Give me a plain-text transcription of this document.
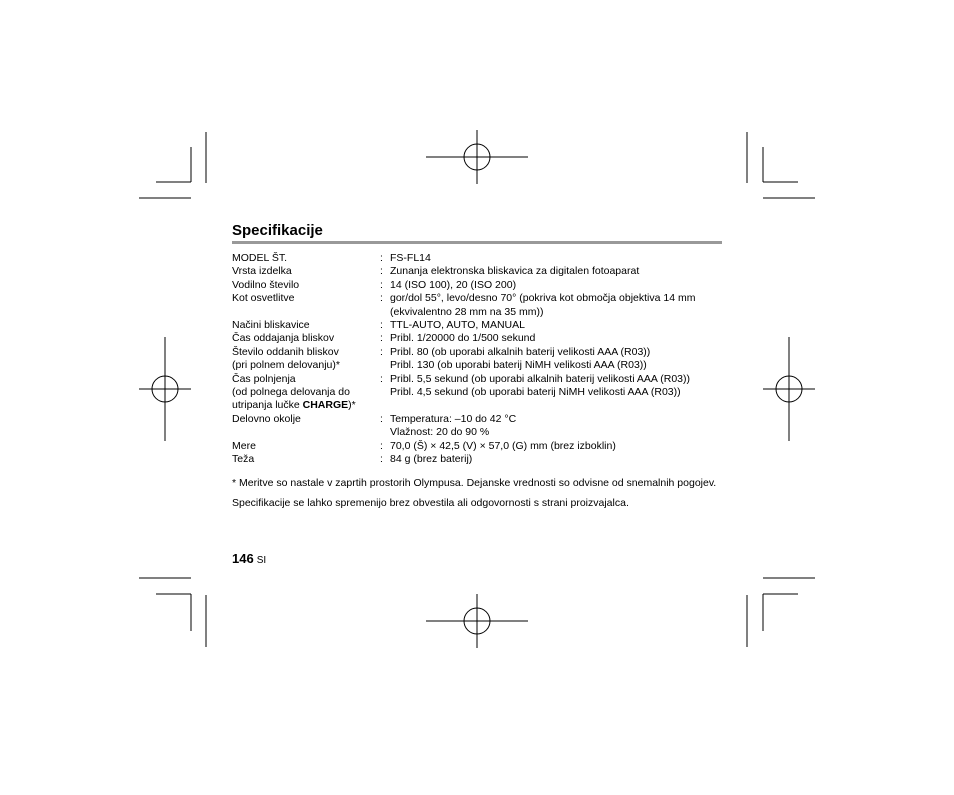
Specifikacije
MODEL ŠT.	: FS-FL14
Vrsta izdelka	: Zunanja elektronska bliskavica za digitalen fotoaparat
Vodilno število	: 14 (ISO 100), 20 (ISO 200)
Kot osvetlitve	: gor/dol 55°, levo/desno 70° (pokriva kot območja objektiva 14 mm
(ekvivalentno 28 mm na 35 mm))
Načini bliskavice	: TTL-AUTO, AUTO, MANUAL
Čas oddajanja bliskov	: Pribl. 1/20000 do 1/500 sekund
Število oddanih bliskov	: Pribl. 80 (ob uporabi alkalnih baterij velikosti AAA (R03))
(pri polnem delovanju)*	Pribl. 130 (ob uporabi baterij NiMH velikosti AAA (R03))
Čas polnjenja	: Pribl. 5,5 sekund (ob uporabi alkalnih baterij velikosti AAA (R03))
(od polnega delovanja do	Pribl. 4,5 sekund (ob uporabi baterij NiMH velikosti AAA (R03))
utripanja lučke CHARGE)*
Delovno okolje	: Temperatura: –10 do 42 °C
Vlažnost: 20 do 90 %
Mere	: 70,0 (Š) × 42,5 (V) × 57,0 (G) mm (brez izboklin)
Teža	: 84 g (brez baterij)
* Meritve so nastale v zaprtih prostorih Olympusa. Dejanske vrednosti so odvisne od snemalnih pogojev.
Specifikacije se lahko spremenijo brez obvestila ali odgovornosti s strani proizvajalca.
146 SI
